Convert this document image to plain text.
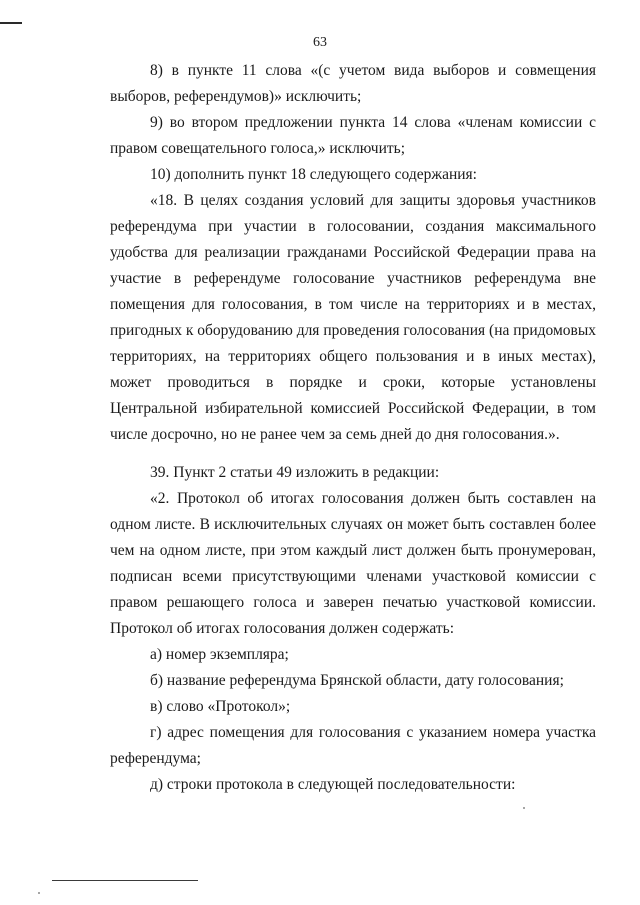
63

8) в пункте 11 слова «(с учетом вида выборов и совмещения выборов, референдумов)» исключить;

9) во втором предложении пункта 14 слова «членам комиссии с правом совещательного голоса,» исключить;

10) дополнить пункт 18 следующего содержания:

«18. В целях создания условий для защиты здоровья участников референдума при участии в голосовании, создания максимального удобства для реализации гражданами Российской Федерации права на участие в референдуме голосование участников референдума вне помещения для голосования, в том числе на территориях и в местах, пригодных к оборудованию для проведения голосования (на придомовых территориях, на территориях общего пользования и в иных местах), может проводиться в порядке и сроки, которые установлены Центральной избирательной комиссией Российской Федерации, в том числе досрочно, но не ранее чем за семь дней до дня голосования.».

39. Пункт 2 статьи 49 изложить в редакции:

«2. Протокол об итогах голосования должен быть составлен на одном листе. В исключительных случаях он может быть составлен более чем на одном листе, при этом каждый лист должен быть пронумерован, подписан всеми присутствующими членами участковой комиссии с правом решающего голоса и заверен печатью участковой комиссии. Протокол об итогах голосования должен содержать:

а) номер экземпляра;

б) название референдума Брянской области, дату голосования;

в) слово «Протокол»;

г) адрес помещения для голосования с указанием номера участка референдума;

д) строки протокола в следующей последовательности:
